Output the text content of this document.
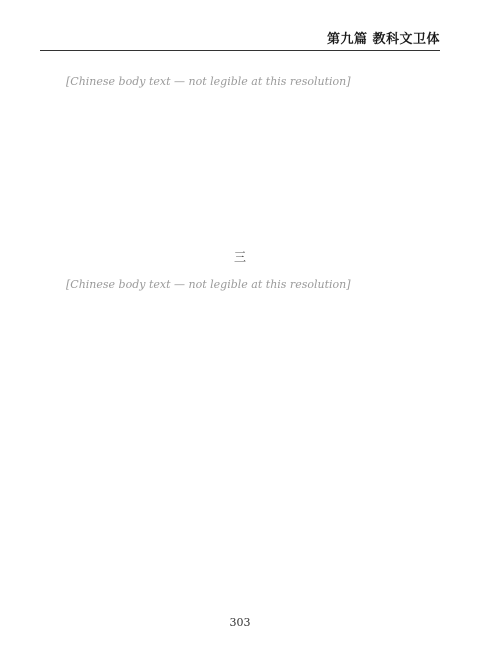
第九篇 教科文卫体

[Chinese body text — not legible at this resolution]

三

[Chinese body text — not legible at this resolution]

303
